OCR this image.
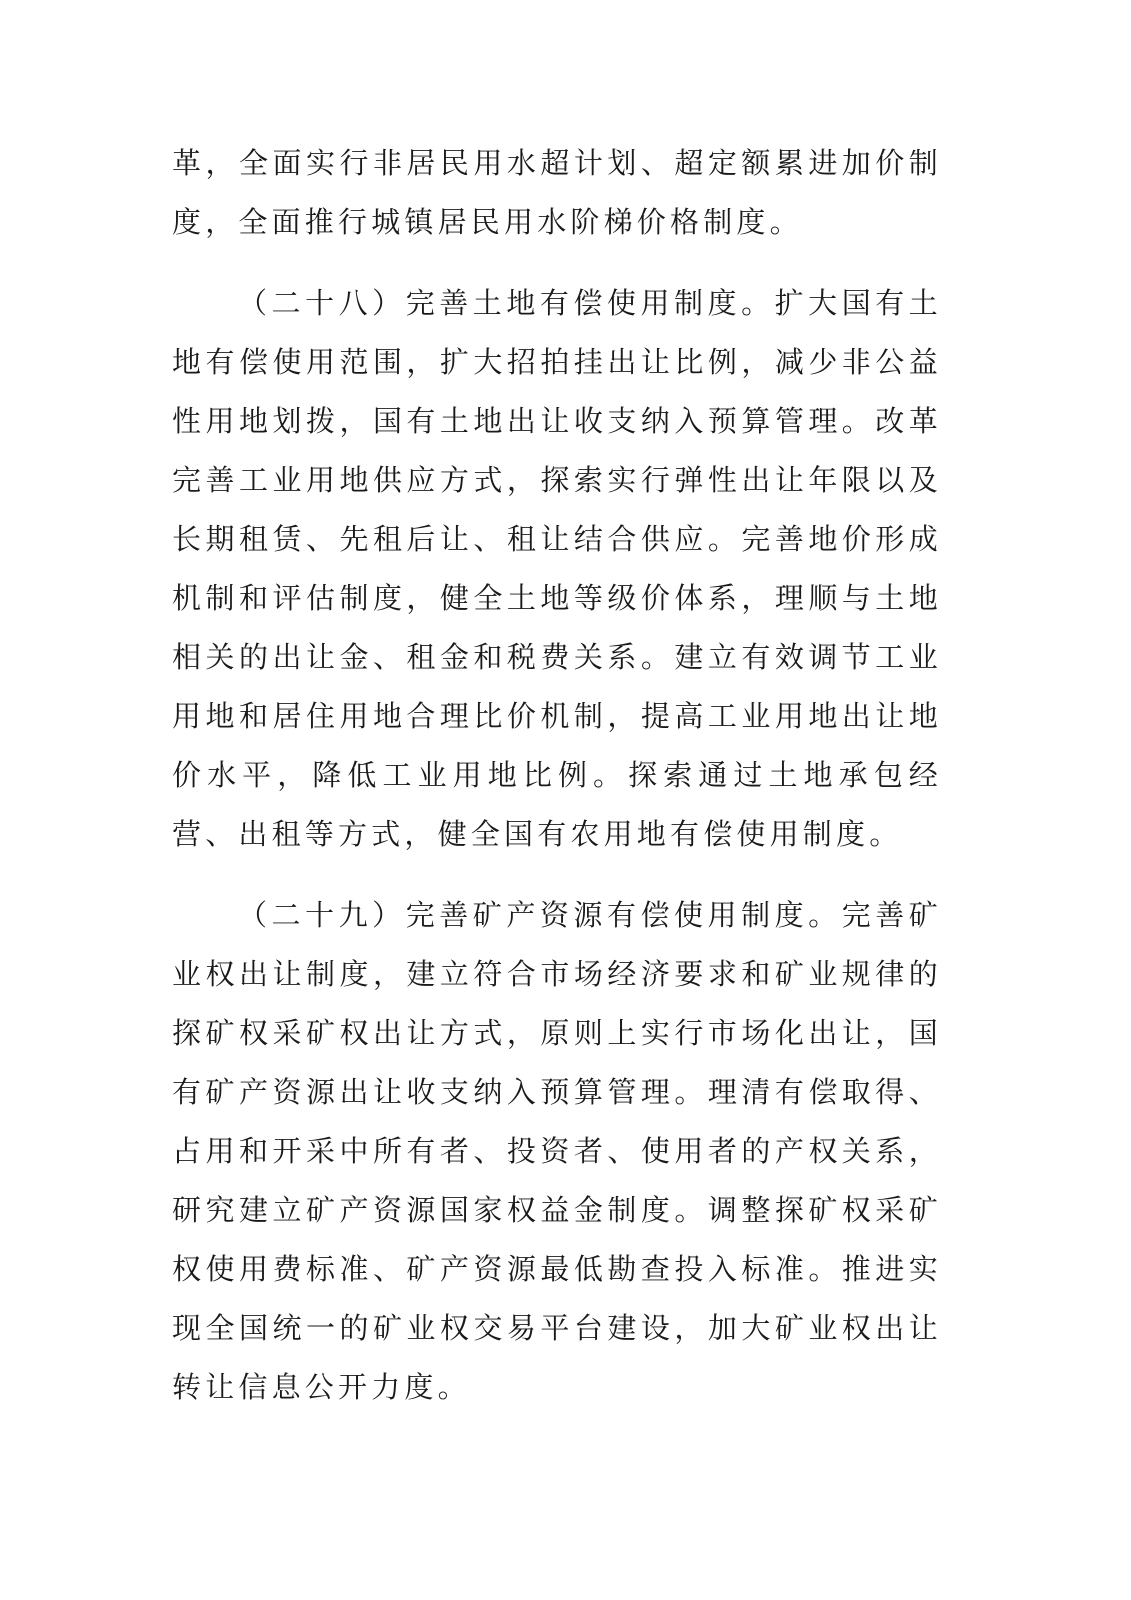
革，全面实行非居民用水超计划、超定额累进加价制度，全面推行城镇居民用水阶梯价格制度。

（二十八）完善土地有偿使用制度。扩大国有土地有偿使用范围，扩大招拍挂出让比例，减少非公益性用地划拨，国有土地出让收支纳入预算管理。改革完善工业用地供应方式，探索实行弹性出让年限以及长期租赁、先租后让、租让结合供应。完善地价形成机制和评估制度，健全土地等级价体系，理顺与土地相关的出让金、租金和税费关系。建立有效调节工业用地和居住用地合理比价机制，提高工业用地出让地价水平，降低工业用地比例。探索通过土地承包经营、出租等方式，健全国有农用地有偿使用制度。

（二十九）完善矿产资源有偿使用制度。完善矿业权出让制度，建立符合市场经济要求和矿业规律的探矿权采矿权出让方式，原则上实行市场化出让，国有矿产资源出让收支纳入预算管理。理清有偿取得、占用和开采中所有者、投资者、使用者的产权关系，研究建立矿产资源国家权益金制度。调整探矿权采矿权使用费标准、矿产资源最低勘查投入标准。推进实现全国统一的矿业权交易平台建设，加大矿业权出让转让信息公开力度。
